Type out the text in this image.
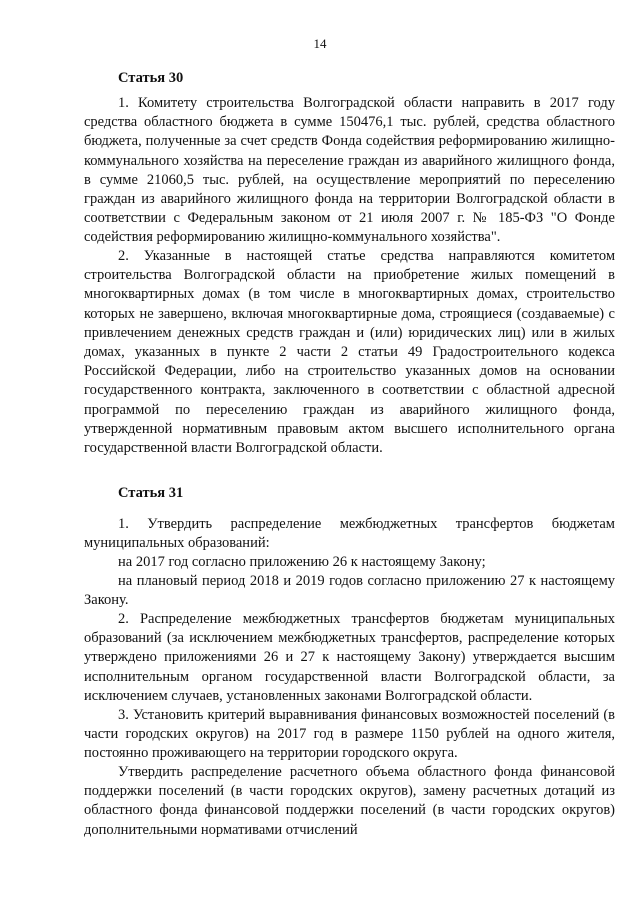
14
Статья 30

1. Комитету строительства Волгоградской области направить в 2017 году средства областного бюджета в сумме 150476,1 тыс. рублей, средства областного бюджета, полученные за счет средств Фонда содействия реформированию жилищно-коммунального хозяйства на переселение граждан из аварийного жилищного фонда, в сумме 21060,5 тыс. рублей, на осуществление мероприятий по переселению граждан из аварийного жилищного фонда на территории Волгоградской области в соответствии с Федеральным законом от 21 июля 2007 г. № 185-ФЗ "О Фонде содействия реформированию жилищно-коммунального хозяйства".

2. Указанные в настоящей статье средства направляются комитетом строительства Волгоградской области на приобретение жилых помещений в многоквартирных домах (в том числе в многоквартирных домах, строительство которых не завершено, включая многоквартирные дома, строящиеся (создаваемые) с привлечением денежных средств граждан и (или) юридических лиц) или в жилых домах, указанных в пункте 2 части 2 статьи 49 Градостроительного кодекса Российской Федерации, либо на строительство указанных домов на основании государственного контракта, заключенного в соответствии с областной адресной программой по переселению граждан из аварийного жилищного фонда, утвержденной нормативным правовым актом высшего исполнительного органа государственной власти Волгоградской области.

Статья 31

1. Утвердить распределение межбюджетных трансфертов бюджетам муниципальных образований:

на 2017 год согласно приложению 26 к настоящему Закону;

на плановый период 2018 и 2019 годов согласно приложению 27 к настоящему Закону.

2. Распределение межбюджетных трансфертов бюджетам муниципальных образований (за исключением межбюджетных трансфертов, распределение которых утверждено приложениями 26 и 27 к настоящему Закону) утверждается высшим исполнительным органом государственной власти Волгоградской области, за исключением случаев, установленных законами Волгоградской области.

3. Установить критерий выравнивания финансовых возможностей поселений (в части городских округов) на 2017 год в размере 1150 рублей на одного жителя, постоянно проживающего на территории городского округа.

Утвердить распределение расчетного объема областного фонда финансовой поддержки поселений (в части городских округов), замену расчетных дотаций из областного фонда финансовой поддержки поселений (в части городских округов) дополнительными нормативами отчислений
